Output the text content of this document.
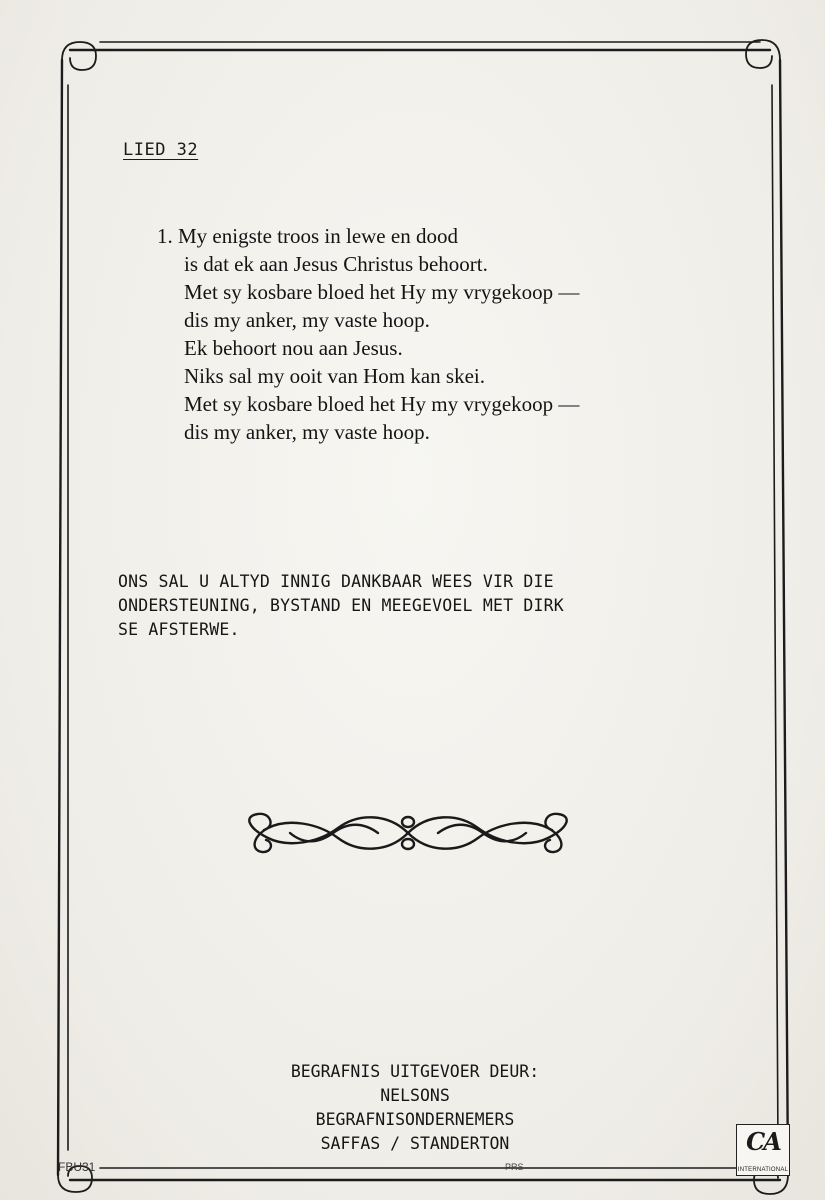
LIED 32
1. My enigste troos in lewe en dood
is dat ek aan Jesus Christus behoort.
Met sy kosbare bloed het Hy my vrygekoop —
dis my anker, my vaste hoop.
Ek behoort nou aan Jesus.
Niks sal my ooit van Hom kan skei.
Met sy kosbare bloed het Hy my vrygekoop —
dis my anker, my vaste hoop.
ONS SAL U ALTYD INNIG DANKBAAR WEES VIR DIE
ONDERSTEUNING, BYSTAND EN MEEGEVOEL MET DIRK
SE AFSTERWE.
BEGRAFNIS UITGEVOER DEUR:
NELSONS
BEGRAFNISONDERNEMERS
SAFFAS / STANDERTON
FBU31	PRS
CA
INTERNATIONAL
